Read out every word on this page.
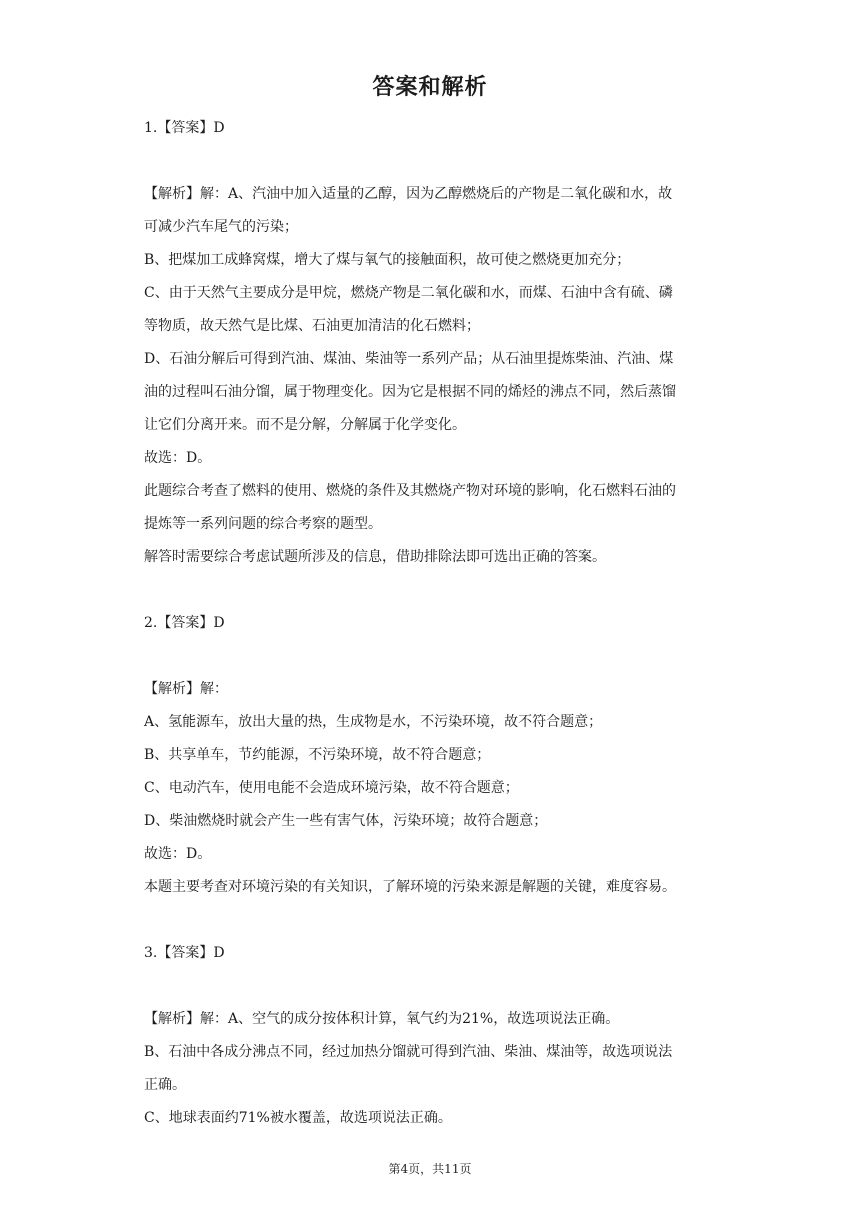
答案和解析
1.【答案】D
【解析】解：A、汽油中加入适量的乙醇，因为乙醇燃烧后的产物是二氧化碳和水，故
可减少汽车尾气的污染；
B、把煤加工成蜂窝煤，增大了煤与氧气的接触面积，故可使之燃烧更加充分；
C、由于天然气主要成分是甲烷，燃烧产物是二氧化碳和水，而煤、石油中含有硫、磷
等物质，故天然气是比煤、石油更加清洁的化石燃料；
D、石油分解后可得到汽油、煤油、柴油等一系列产品；从石油里提炼柴油、汽油、煤
油的过程叫石油分馏，属于物理变化。因为它是根据不同的烯烃的沸点不同，然后蒸馏
让它们分离开来。而不是分解，分解属于化学变化。
故选：D。
此题综合考查了燃料的使用、燃烧的条件及其燃烧产物对环境的影响，化石燃料石油的
提炼等一系列问题的综合考察的题型。
解答时需要综合考虑试题所涉及的信息，借助排除法即可选出正确的答案。
2.【答案】D
【解析】解：
A、氢能源车，放出大量的热，生成物是水，不污染环境，故不符合题意；
B、共享单车，节约能源，不污染环境，故不符合题意；
C、电动汽车，使用电能不会造成环境污染，故不符合题意；
D、柴油燃烧时就会产生一些有害气体，污染环境；故符合题意；
故选：D。
本题主要考查对环境污染的有关知识，了解环境的污染来源是解题的关键，难度容易。
3.【答案】D
【解析】解：A、空气的成分按体积计算，氧气约为21%，故选项说法正确。
B、石油中各成分沸点不同，经过加热分馏就可得到汽油、柴油、煤油等，故选项说法
正确。
C、地球表面约71%被水覆盖，故选项说法正确。
第4页，共11页
